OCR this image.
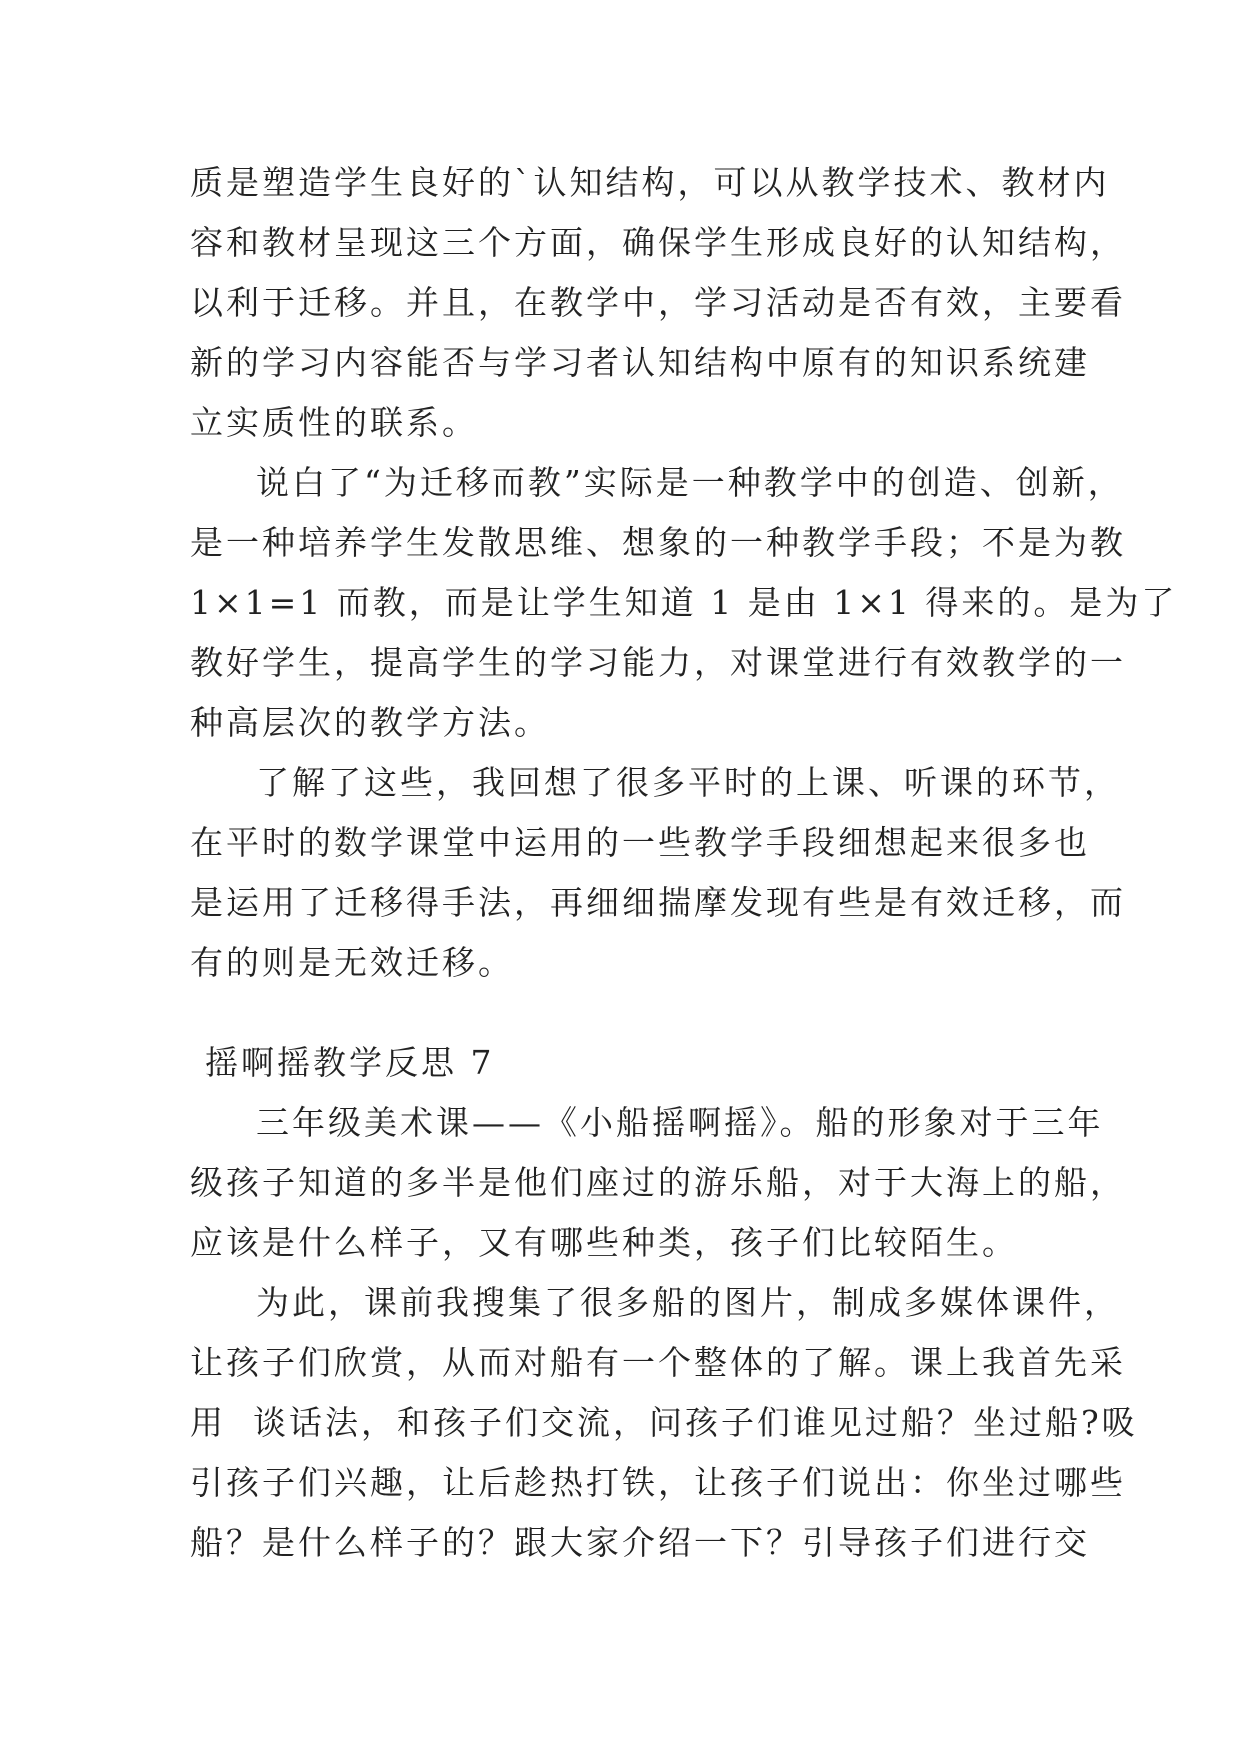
质是塑造学生良好的`认知结构，可以从教学技术、教材内
容和教材呈现这三个方面，确保学生形成良好的认知结构，
以利于迁移。并且，在教学中，学习活动是否有效，主要看
新的学习内容能否与学习者认知结构中原有的知识系统建
立实质性的联系。
说白了“为迁移而教”实际是一种教学中的创造、创新，
是一种培养学生发散思维、想象的一种教学手段；不是为教
1×1=1 而教，而是让学生知道 1 是由 1×1 得来的。是为了
教好学生，提高学生的学习能力，对课堂进行有效教学的一
种高层次的教学方法。
了解了这些，我回想了很多平时的上课、听课的环节，
在平时的数学课堂中运用的一些教学手段细想起来很多也
是运用了迁移得手法，再细细揣摩发现有些是有效迁移，而
有的则是无效迁移。
摇啊摇教学反思 7
三年级美术课——《小船摇啊摇》。船的形象对于三年
级孩子知道的多半是他们座过的游乐船，对于大海上的船，
应该是什么样子，又有哪些种类，孩子们比较陌生。
为此，课前我搜集了很多船的图片，制成多媒体课件，
让孩子们欣赏，从而对船有一个整体的了解。课上我首先采
用  谈话法，和孩子们交流，问孩子们谁见过船？坐过船?吸
引孩子们兴趣，让后趁热打铁，让孩子们说出：你坐过哪些
船？是什么样子的？跟大家介绍一下？引导孩子们进行交
